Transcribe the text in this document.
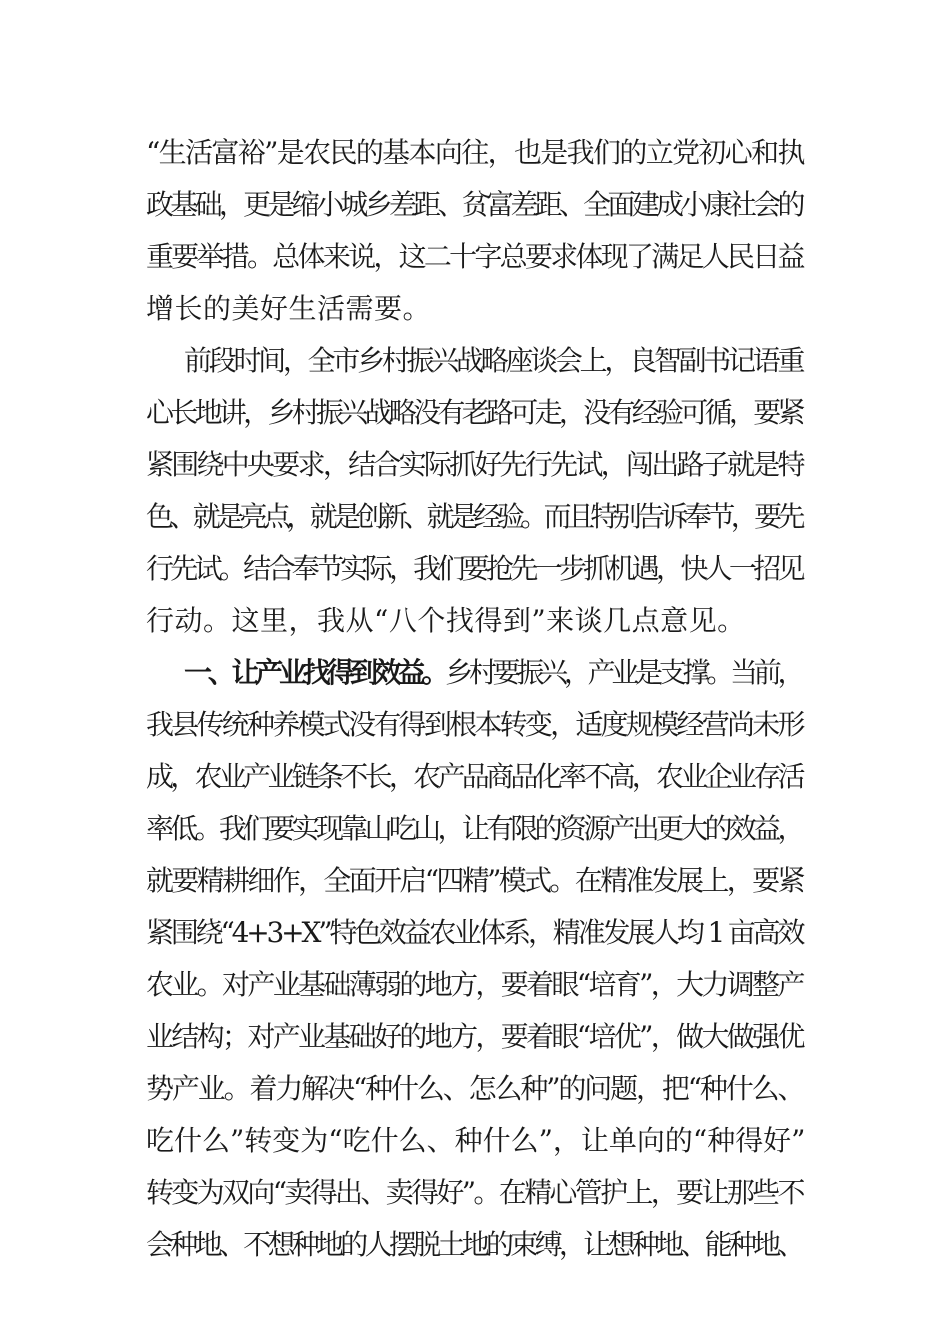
“生活富裕”是农民的基本向往，也是我们的立党初心和执
政基础，更是缩小城乡差距、贫富差距、全面建成小康社会的
重要举措。总体来说，这二十字总要求体现了满足人民日益
增长的美好生活需要。
前段时间，全市乡村振兴战略座谈会上，良智副书记语重
心长地讲，乡村振兴战略没有老路可走，没有经验可循，要紧
紧围绕中央要求，结合实际抓好先行先试，闯出路子就是特
色、就是亮点，就是创新、就是经验。而且特别告诉奉节，要先
行先试。结合奉节实际，我们要抢先一步抓机遇，快人一招见
行动。这里，我从“八个找得到”来谈几点意见。
一、让产业找得到效益。乡村要振兴，产业是支撑。当前，
我县传统种养模式没有得到根本转变，适度规模经营尚未形
成，农业产业链条不长，农产品商品化率不高，农业企业存活
率低。我们要实现靠山吃山，让有限的资源产出更大的效益，
就要精耕细作，全面开启“四精”模式。在精准发展上，要紧
紧围绕“4+3+X”特色效益农业体系，精准发展人均 1 亩高效
农业。对产业基础薄弱的地方，要着眼“培育”，大力调整产
业结构；对产业基础好的地方，要着眼“培优”，做大做强优
势产业。着力解决“种什么、怎么种”的问题，把“种什么、
吃什么”转变为“吃什么、种什么”，让单向的“种得好”
转变为双向“卖得出、卖得好”。在精心管护上，要让那些不
会种地、不想种地的人摆脱土地的束缚，让想种地、能种地、
